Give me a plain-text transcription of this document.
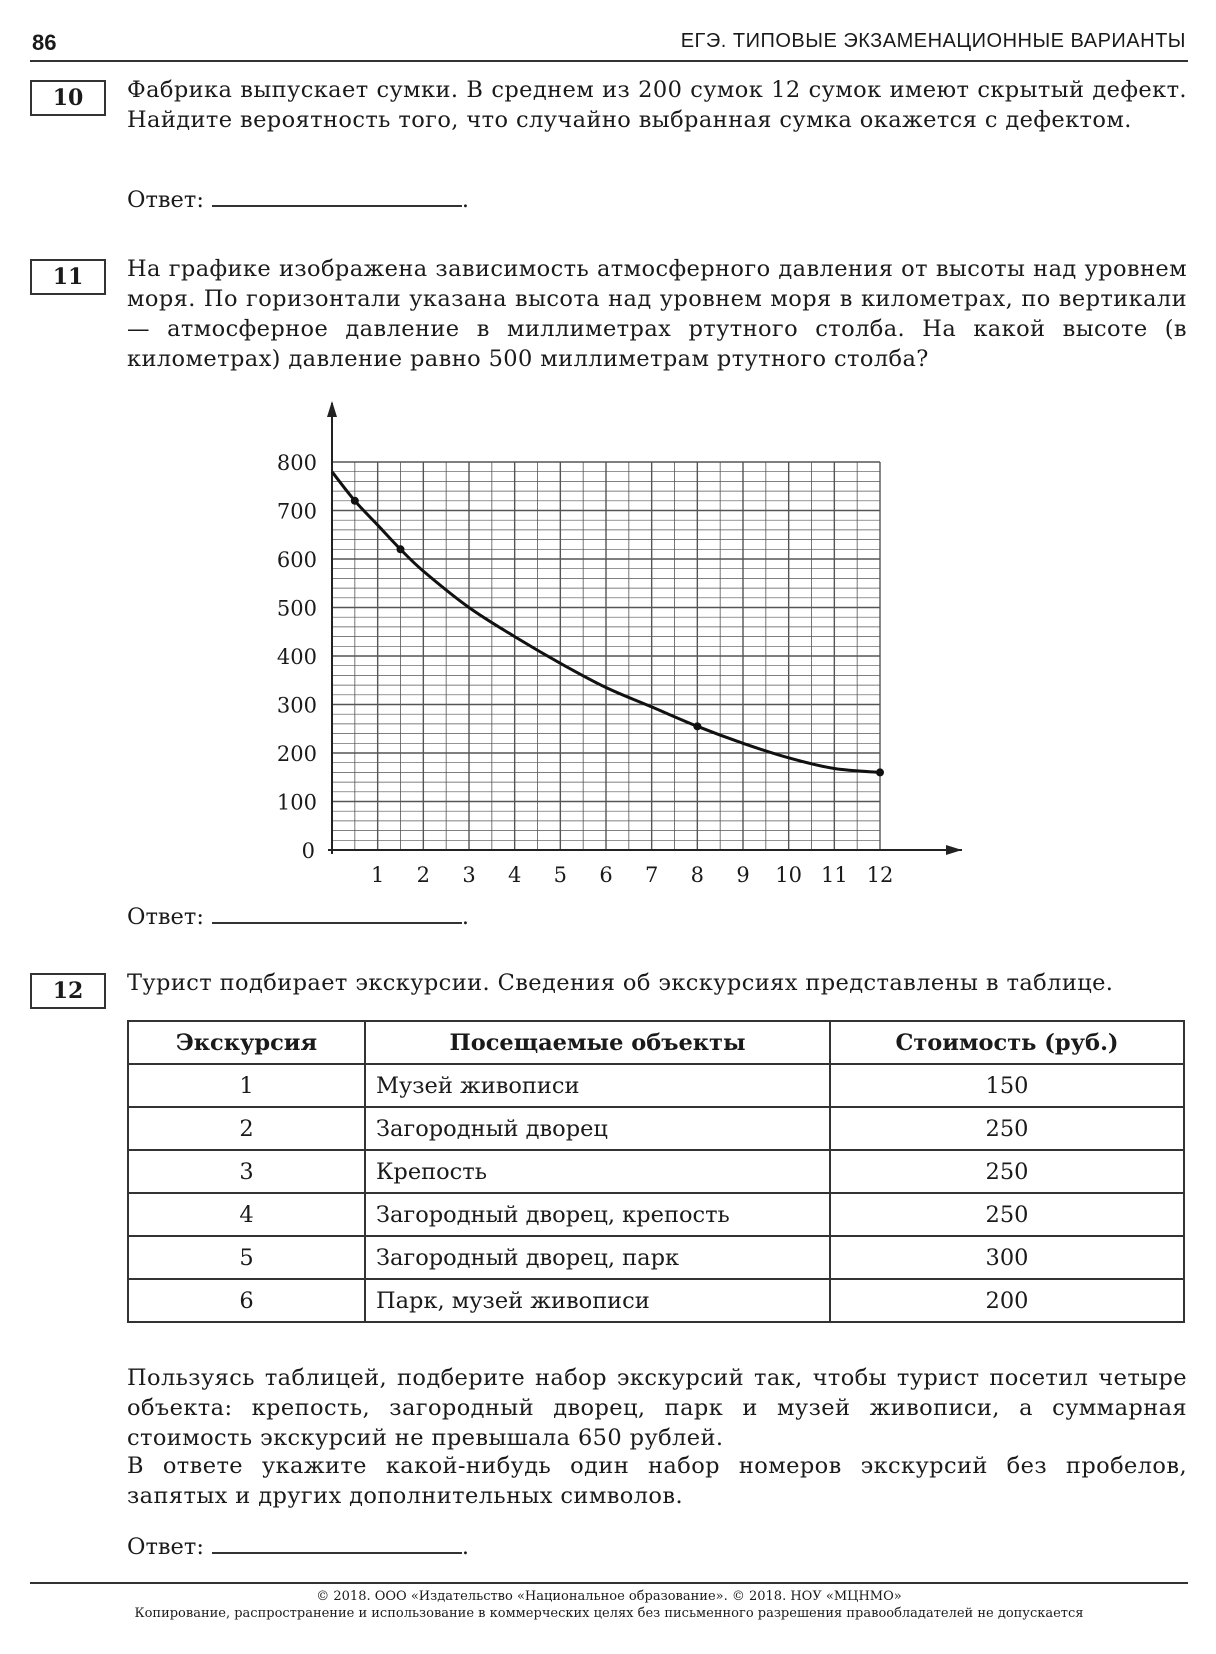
86	ЕГЭ. ТИПОВЫЕ ЭКЗАМЕНАЦИОННЫЕ ВАРИАНТЫ
10	Фабрика выпускает сумки. В среднем из 200 сумок 12 сумок имеют скрытый дефект. Найдите вероятность того, что случайно выбранная сумка окажется с дефектом.
Ответ:	.
11	На графике изображена зависимость атмосферного давления от высоты над уровнем моря. По горизонтали указана высота над уровнем моря в километрах, по вертикали — атмосферное давление в миллиметрах ртутного столба. На какой высоте (в километрах) давление равно 500 миллиметрам ртутного столба?
1 2 3 4 5 6 7 8 9 10 11 12
0
100
200
300
400
500
600
700
800
Ответ:	.
12	Турист подбирает экскурсии. Сведения об экскурсиях представлены в таблице.
Экскурсия	Посещаемые объекты	Стоимость (руб.)
1	Музей живописи	150
2	Загородный дворец	250
3	Крепость	250
4	Загородный дворец, крепость	250
5	Загородный дворец, парк	300
6	Парк, музей живописи	200
Пользуясь таблицей, подберите набор экскурсий так, чтобы турист посетил четыре объекта: крепость, загородный дворец, парк и музей живописи, а суммарная стоимость экскурсий не превышала 650 рублей.
В ответе укажите какой-нибудь один набор номеров экскурсий без пробелов, запятых и других дополнительных символов.
Ответ:	.
© 2018. ООО «Издательство «Национальное образование». © 2018. НОУ «МЦНМО»
Копирование, распространение и использование в коммерческих целях без письменного разрешения правообладателей не допускается
